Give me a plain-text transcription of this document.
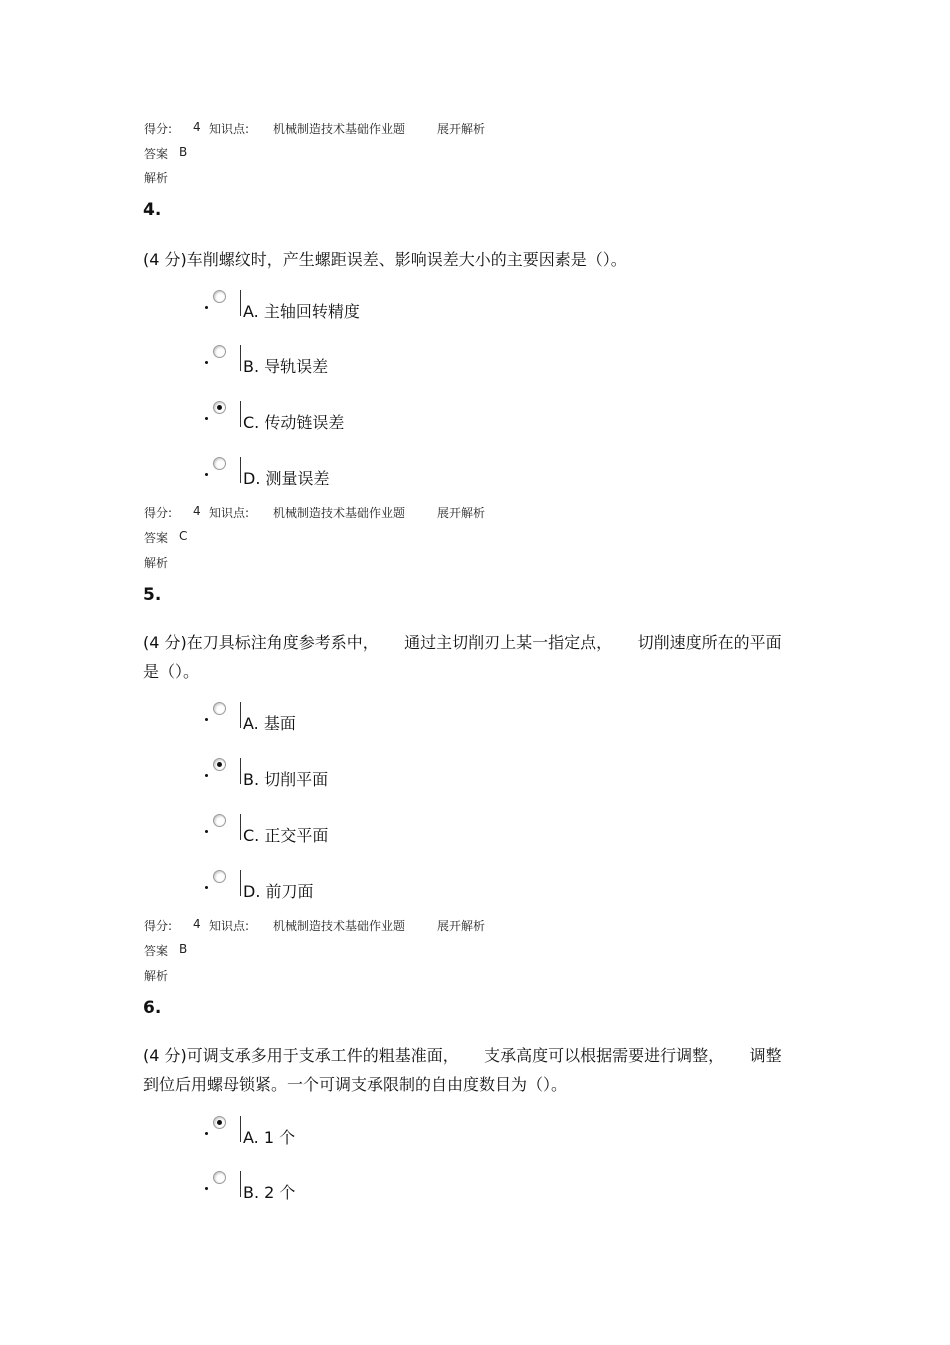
得分: 4 知识点: 机械制造技术基础作业题	展开解析
答案 B
解析
4.
(4 分)车削螺纹时，产生螺距误差、影响误差大小的主要因素是（）。
A. 主轴回转精度
B. 导轨误差
C. 传动链误差
D. 测量误差
得分: 4 知识点: 机械制造技术基础作业题	展开解析
答案 C
解析
5.
(4 分)在刀具标注角度参考系中，     通过主切削刃上某一指定点，     切削速度所在的平面
是（）。
A. 基面
B. 切削平面
C. 正交平面
D. 前刀面
得分: 4 知识点: 机械制造技术基础作业题	展开解析
答案 B
解析
6.
(4 分)可调支承多用于支承工件的粗基准面，     支承高度可以根据需要进行调整，     调整
到位后用螺母锁紧。一个可调支承限制的自由度数目为（）。
A. 1 个
B. 2 个
